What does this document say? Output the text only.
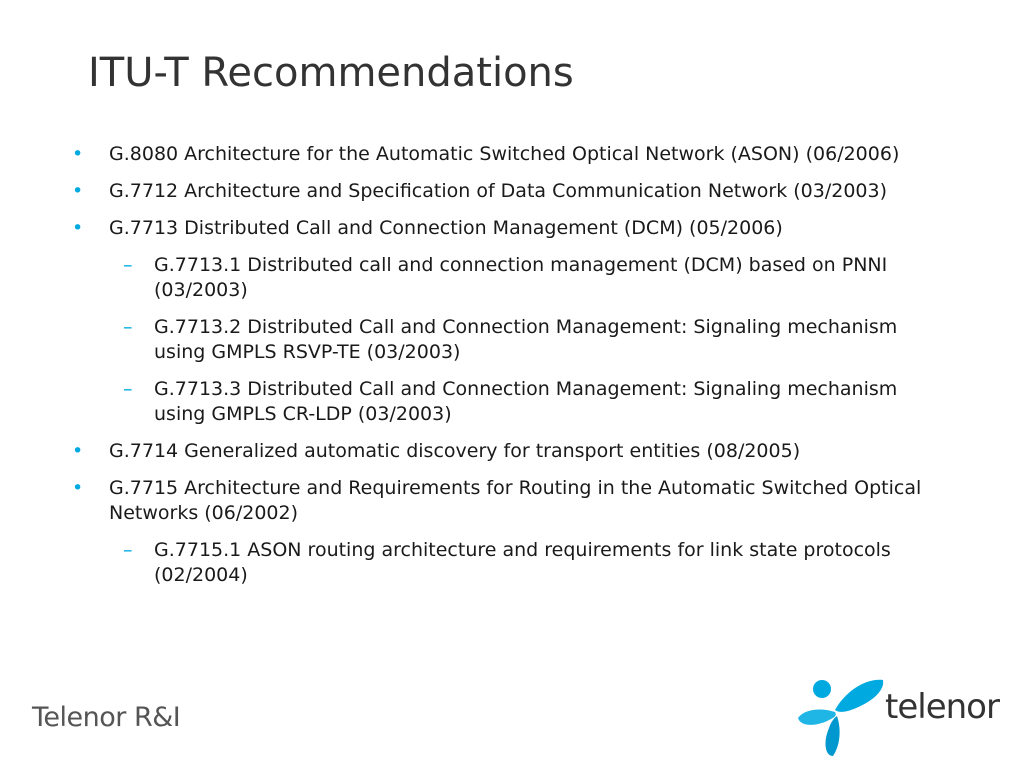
ITU-T Recommendations
• G.8080 Architecture for the Automatic Switched Optical Network (ASON) (06/2006)
• G.7712 Architecture and Specification of Data Communication Network (03/2003)
• G.7713 Distributed Call and Connection Management (DCM) (05/2006)
– G.7713.1 Distributed call and connection management (DCM) based on PNNI (03/2003)
– G.7713.2 Distributed Call and Connection Management: Signaling mechanism using GMPLS RSVP-TE (03/2003)
– G.7713.3 Distributed Call and Connection Management: Signaling mechanism using GMPLS CR-LDP (03/2003)
• G.7714 Generalized automatic discovery for transport entities (08/2005)
• G.7715 Architecture and Requirements for Routing in the Automatic Switched Optical Networks (06/2002)
– G.7715.1 ASON routing architecture and requirements for link state protocols (02/2004)
Telenor R&I	telenor
